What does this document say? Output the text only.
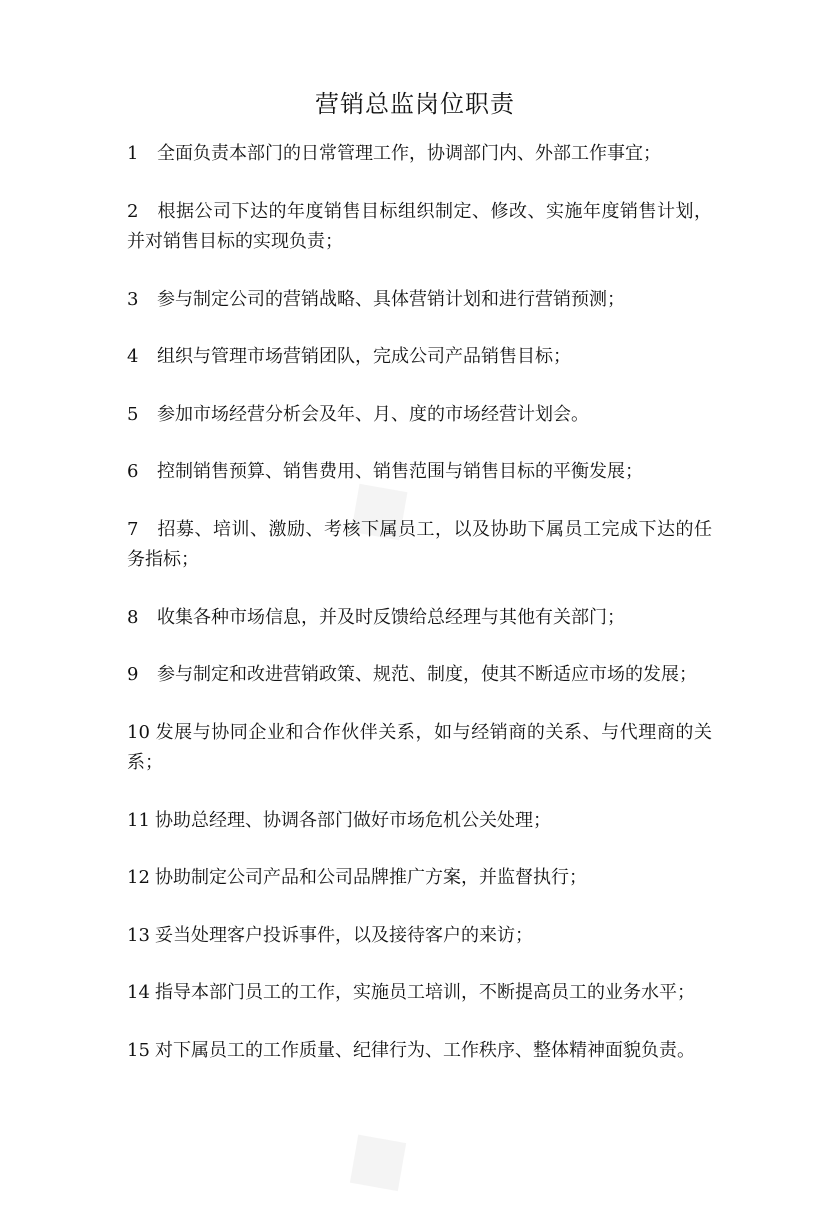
◆
◆
营销总监岗位职责
1 全面负责本部门的日常管理工作，协调部门内、外部工作事宜；
2 根据公司下达的年度销售目标组织制定、修改、实施年度销售计划，并对销售目标的实现负责；
3 参与制定公司的营销战略、具体营销计划和进行营销预测；
4 组织与管理市场营销团队，完成公司产品销售目标；
5 参加市场经营分析会及年、月、度的市场经营计划会。
6 控制销售预算、销售费用、销售范围与销售目标的平衡发展；
7 招募、培训、激励、考核下属员工，以及协助下属员工完成下达的任务指标；
8 收集各种市场信息，并及时反馈给总经理与其他有关部门；
9 参与制定和改进营销政策、规范、制度，使其不断适应市场的发展；
10 发展与协同企业和合作伙伴关系，如与经销商的关系、与代理商的关系；
11 协助总经理、协调各部门做好市场危机公关处理；
12 协助制定公司产品和公司品牌推广方案，并监督执行；
13 妥当处理客户投诉事件，以及接待客户的来访；
14 指导本部门员工的工作，实施员工培训，不断提高员工的业务水平；
15 对下属员工的工作质量、纪律行为、工作秩序、整体精神面貌负责。
